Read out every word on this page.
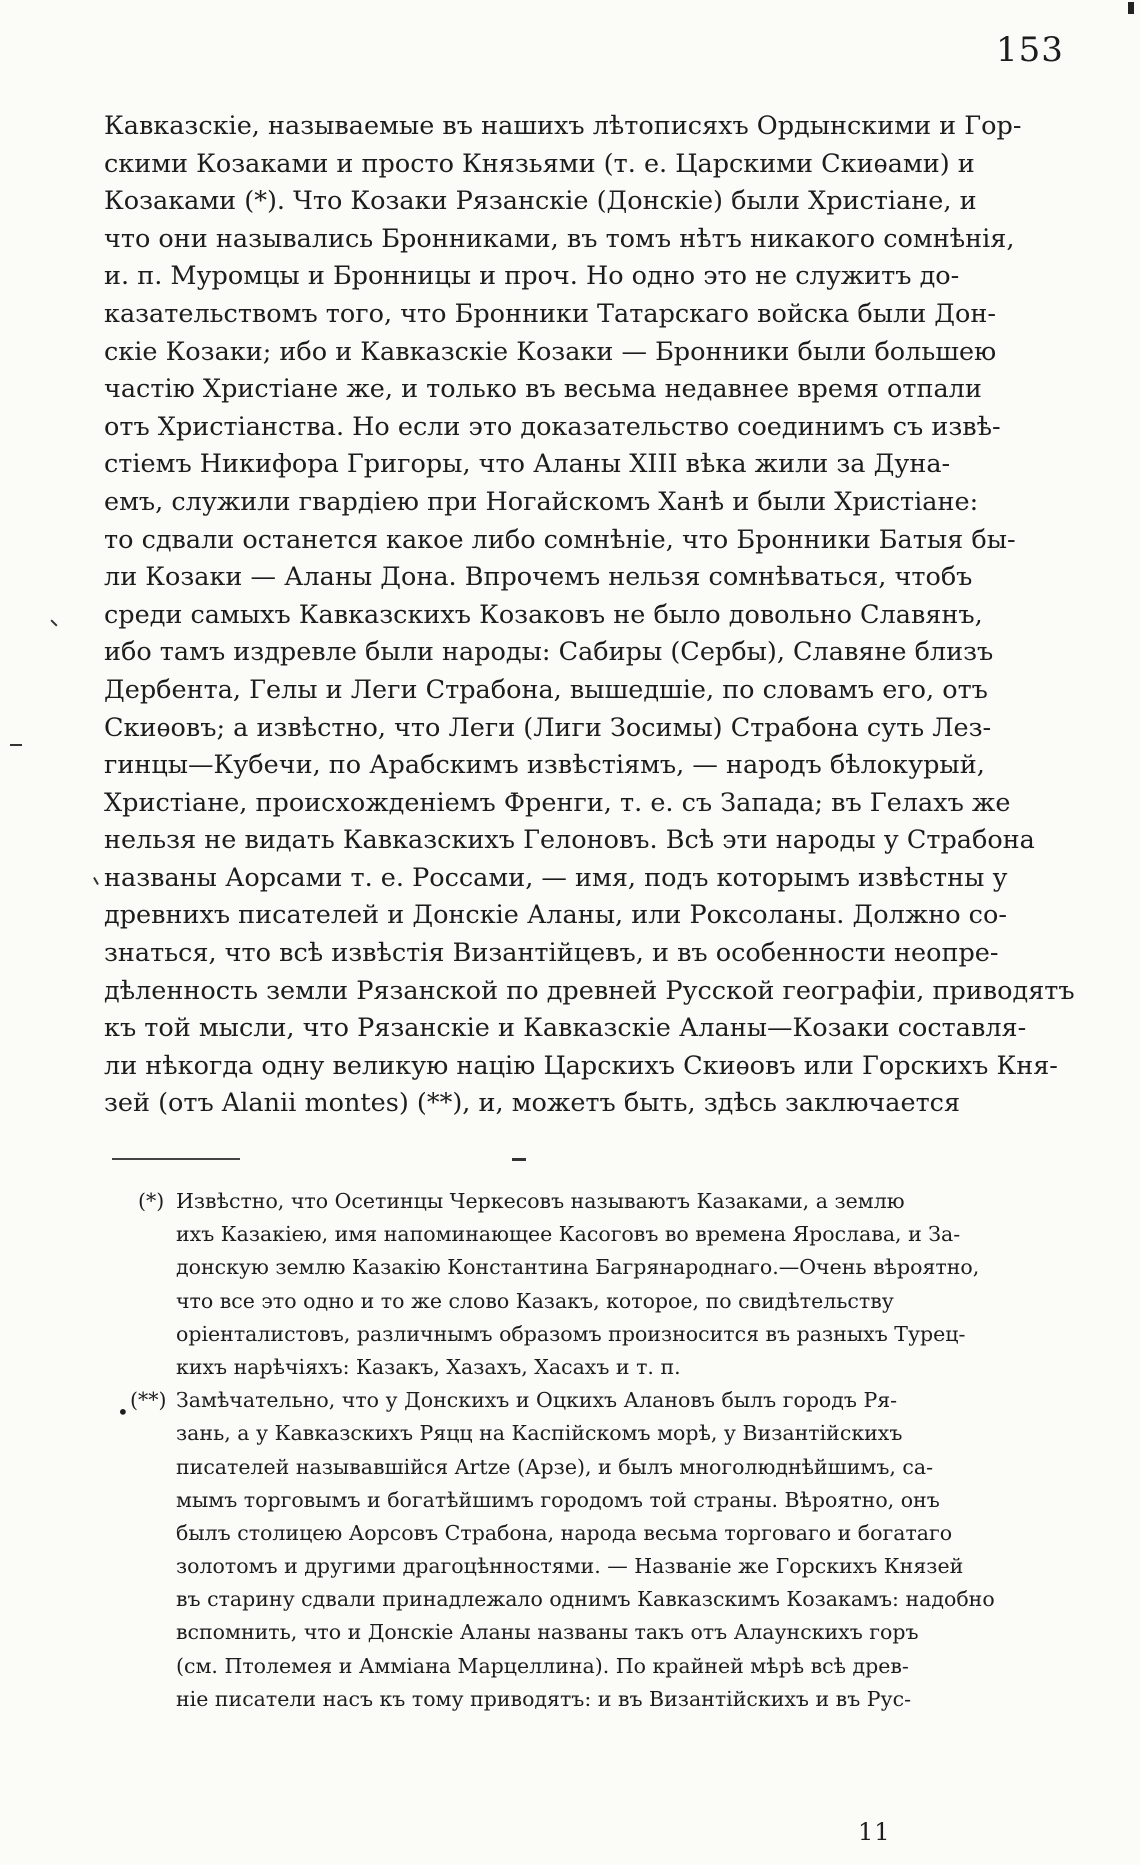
153
Кавказскіе, называемые въ нашихъ лѣтописяхъ Ордынскими и Гор-
скими Козаками и просто Князьями (т. е. Царскими Скиѳами) и
Козаками (*). Что Козаки Рязанскіе (Донскіе) были Христіане, и
что они назывались Бронниками, въ томъ нѣтъ никакого сомнѣнія,
и. п. Муромцы и Бронницы и проч. Но одно это не служитъ до-
казательствомъ того, что Бронники Татарскаго войска были Дон-
скіе Козаки; ибо и Кавказскіе Козаки — Бронники были большею
частію Христіане же, и только въ весьма недавнее время отпали
отъ Христіанства. Но если это доказательство соединимъ съ извѣ-
стіемъ Никифора Григоры, что Аланы XIII вѣка жили за Дуна-
емъ, служили гвардіею при Ногайскомъ Ханѣ и были Христіане:
то сдвали останется какое либо сомнѣніе, что Бронники Батыя бы-
ли Козаки — Аланы Дона. Впрочемъ нельзя сомнѣваться, чтобъ
среди самыхъ Кавказскихъ Козаковъ не было довольно Славянъ,
ибо тамъ издревле были народы: Сабиры (Сербы), Славяне близъ
Дербента, Гелы и Леги Страбона, вышедшіе, по словамъ его, отъ
Скиѳовъ; а извѣстно, что Леги (Лиги Зосимы) Страбона суть Лез-
гинцы—Кубечи, по Арабскимъ извѣстіямъ, — народъ бѣлокурый,
Христіане, происхожденіемъ Френги, т. е. съ Запада; въ Гелахъ же
нельзя не видать Кавказскихъ Гелоновъ. Всѣ эти народы у Страбона
названы Аорсами т. е. Россами, — имя, подъ которымъ извѣстны у
древнихъ писателей и Донскіе Аланы, или Роксоланы. Должно со-
знаться, что всѣ извѣстія Византійцевъ, и въ особенности неопре-
дѣленность земли Рязанской по древней Русской географіи, приводятъ
къ той мысли, что Рязанскіе и Кавказскіе Аланы—Козаки составля-
ли нѣкогда одну великую націю Царскихъ Скиѳовъ или Горскихъ Кня-
зей (отъ Alanii montes) (**), и, можетъ быть, здѣсь заключается
(*)
(**)
•
Извѣстно, что Осетинцы Черкесовъ называютъ Казаками, а землю
ихъ Казакіею, имя напоминающее Касоговъ во времена Ярослава, и За-
донскую землю Казакію Константина Багрянароднаго.—Очень вѣроятно,
что все это одно и то же слово Казакъ, которое, по свидѣтельству
оріенталистовъ, различнымъ образомъ произносится въ разныхъ Турец-
кихъ нарѣчіяхъ: Казакъ, Хазахъ, Хасахъ и т. п.
Замѣчательно, что у Донскихъ и Оцкихъ Алановъ былъ городъ Ря-
зань, а у Кавказскихъ Ряцц на Каспійскомъ морѣ, у Византійскихъ
писателей называвшійся Artze (Арзе), и былъ многолюднѣйшимъ, са-
мымъ торговымъ и богатѣйшимъ городомъ той страны. Вѣроятно, онъ
былъ столицею Аорсовъ Страбона, народа весьма торговаго и богатаго
золотомъ и другими драгоцѣнностями. — Названіе же Горскихъ Князей
въ старину сдвали принадлежало однимъ Кавказскимъ Козакамъ: надобно
вспомнить, что и Донскіе Аланы названы такъ отъ Алаунскихъ горъ
(см. Птолемея и Амміана Марцеллина). По крайней мѣрѣ всѣ древ-
ніе писатели насъ къ тому приводятъ: и въ Византійскихъ и въ Рус-
11
